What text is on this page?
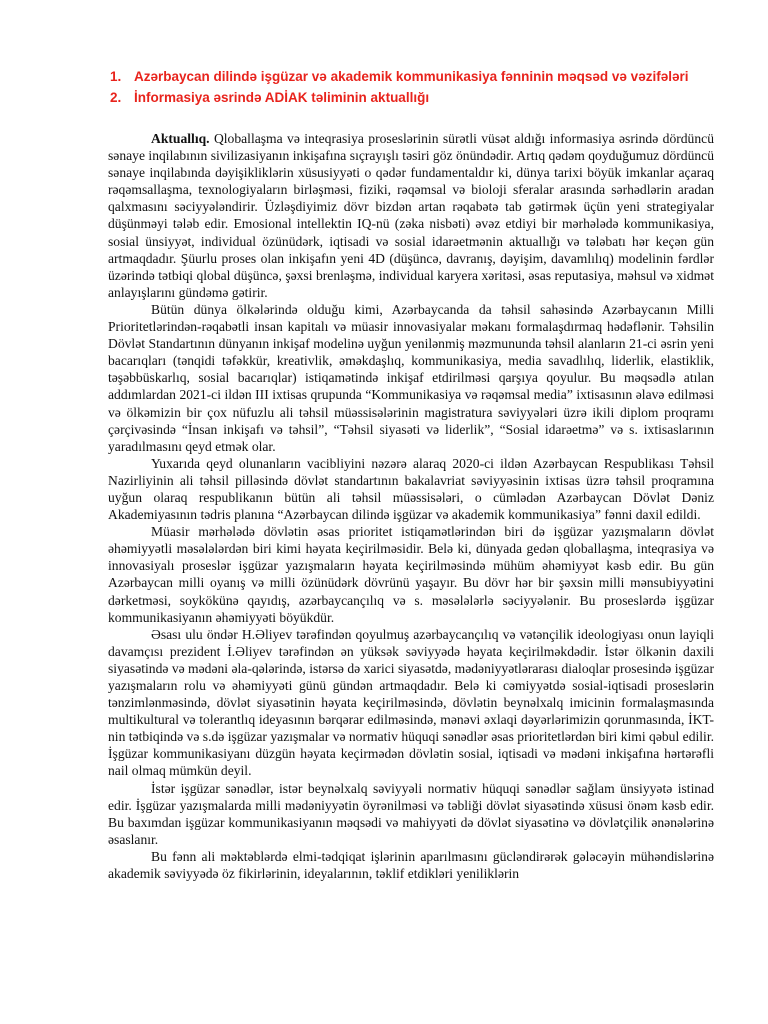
1. Azərbaycan dilində işgüzar və akademik kommunikasiya fənninin məqsəd və vəzifələri
2. İnformasiya əsrində ADİAK təliminin aktuallığı

Aktuallıq. Qloballaşma və inteqrasiya proseslərinin sürətli vüsət aldığı informasiya əsrində dördüncü sənaye inqilabının sivilizasiyanın inkişafına sıçrayışlı təsiri göz önündədir. Artıq qədəm qoyduğumuz dördüncü sənaye inqilabında dəyişikliklərin xüsusiyyəti o qədər fundamentaldır ki, dünya tarixi böyük imkanlar açaraq rəqəmsallaşma, texnologiyaların birləşməsi, fiziki, rəqəmsal və bioloji sferalar arasında sərhədlərin aradan qalxmasını səciyyələndirir. Üzləşdiyimiz dövr bizdən artan rəqabətə tab gətirmək üçün yeni strategiyalar düşünməyi tələb edir. Emosional intellektin IQ-nü (zəka nisbəti) əvəz etdiyi bir mərhələdə kommunikasiya, sosial ünsiyyət, individual özünüdərk, iqtisadi və sosial idarəetmənin aktuallığı və tələbatı hər keçən gün artmaqdadır. Şüurlu proses olan inkişafın yeni 4D (düşüncə, davranış, dəyişim, davamlılıq) modelinin fərdlər üzərində tətbiqi qlobal düşüncə, şəxsi brenləşmə, individual karyera xəritəsi, əsas reputasiya, məhsul və xidmət anlayışlarını gündəmə gətirir.

Bütün dünya ölkələrində olduğu kimi, Azərbaycanda da təhsil sahəsində Azərbaycanın Milli Prioritetlərindən-rəqabətli insan kapitalı və müasir innovasiyalar məkanı formalaşdırmaq hədəflənir. Təhsilin Dövlət Standartının dünyanın inkişaf modelinə uyğun yenilənmiş məzmununda təhsil alanların 21-ci əsrin yeni bacarıqları (tənqidi təfəkkür, kreativlik, əməkdaşlıq, kommunikasiya, media savadlılıq, liderlik, elastiklik, təşəbbüskarlıq, sosial bacarıqlar) istiqamətində inkişaf etdirilməsi qarşıya qoyulur. Bu məqsədlə atılan addımlardan 2021-ci ildən III ixtisas qrupunda “Kommunikasiya və rəqəmsal media” ixtisasının əlavə edilməsi və ölkəmizin bir çox nüfuzlu ali təhsil müəssisələrinin magistratura səviyyələri üzrə ikili diplom proqramı çərçivəsində “İnsan inkişafı və təhsil”, “Təhsil siyasəti və liderlik”, “Sosial idarəetmə” və s. ixtisaslarının yaradılmasını qeyd etmək olar.

Yuxarıda qeyd olunanların vacibliyini nəzərə alaraq 2020-ci ildən Azərbaycan Respublikası Təhsil Nazirliyinin ali təhsil pilləsində dövlət standartının bakalavriat səviyyəsinin ixtisas üzrə təhsil proqramına uyğun olaraq respublikanın bütün ali təhsil müəssisələri, o cümlədən Azərbaycan Dövlət Dəniz Akademiyasının tədris planına “Azərbaycan dilində işgüzar və akademik kommunikasiya” fənni daxil edildi.

Müasir mərhələdə dövlətin əsas prioritet istiqamətlərindən biri də işgüzar yazışmaların dövlət əhəmiyyətli məsələlərdən biri kimi həyata keçirilməsidir. Belə ki, dünyada gedən qloballaşma, inteqrasiya və innovasiyalı proseslər işgüzar yazışmaların həyata keçirilməsində mühüm əhəmiyyət kəsb edir. Bu gün Azərbaycan milli oyanış və milli özünüdərk dövrünü yaşayır. Bu dövr hər bir şəxsin milli mənsubiyyətini dərketməsi, soykökünə qayıdış, azərbaycançılıq və s. məsələlərlə səciyyələnir. Bu proseslərdə işgüzar kommunikasiyanın əhəmiyyəti böyükdür.

Əsası ulu öndər H.Əliyev tərəfindən qoyulmuş azərbaycançılıq və vətənçilik ideologiyası onun layiqli davamçısı prezident İ.Əliyev tərəfindən ən yüksək səviyyədə həyata keçirilməkdədir. İstər ölkənin daxili siyasətində və mədəni əla-qələrində, istərsə də xarici siyasətdə, mədəniyyətlərarası dialoqlar prosesində işgüzar yazışmaların rolu və əhəmiyyəti günü gündən artmaqdadır. Belə ki cəmiyyətdə sosial-iqtisadi proseslərin tənzimlənməsində, dövlət siyasətinin həyata keçirilməsində, dövlətin beynəlxalq imicinin formalaşmasında multikultural və tolerantlıq ideyasının bərqərar edilməsində, mənəvi əxlaqi dəyərlərimizin qorunmasında, İKT-nin tətbiqində və s.də işgüzar yazışmalar və normativ hüquqi sənədlər əsas prioritetlərdən biri kimi qəbul edilir. İşgüzar kommunikasiyanı düzgün həyata keçirmədən dövlətin sosial, iqtisadi və mədəni inkişafına hərtərəfli nail olmaq mümkün deyil.

İstər işgüzar sənədlər, istər beynəlxalq səviyyəli normativ hüquqi sənədlər sağlam ünsiyyətə istinad edir. İşgüzar yazışmalarda milli mədəniyyətin öyrənilməsi və təbliği dövlət siyasətində xüsusi önəm kəsb edir. Bu baxımdan işgüzar kommunikasiyanın məqsədi və mahiyyəti də dövlət siyasətinə və dövlətçilik ənənələrinə əsaslanır.

Bu fənn ali məktəblərdə elmi-tədqiqat işlərinin aparılmasını gücləndirərək gələcəyin mühəndislərinə akademik səviyyədə öz fikirlərinin, ideyalarının, təklif etdikləri yeniliklərin
